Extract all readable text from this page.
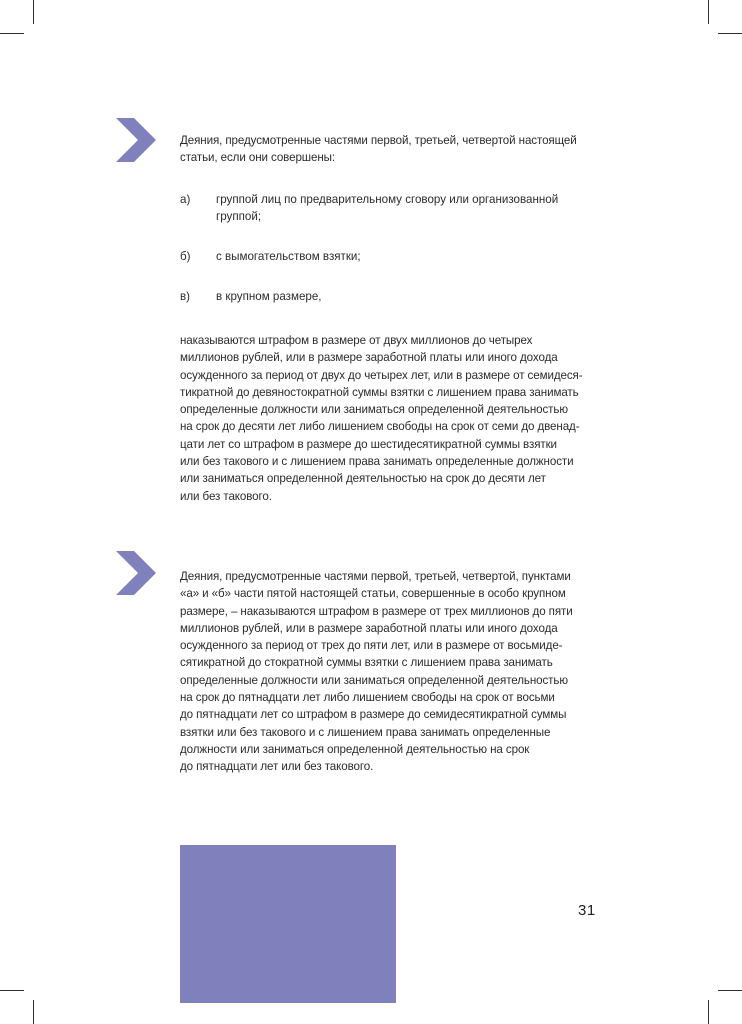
Деяния, предусмотренные частями первой, третьей, четвертой настоящей
статьи, если они совершены:

а) группой лиц по предварительному сговору или организованной
группой;
б) с вымогательством взятки;
в) в крупном размере,

наказываются штрафом в размере от двух миллионов до четырех
миллионов рублей, или в размере заработной платы или иного дохода
осужденного за период от двух до четырех лет, или в размере от семидеся-
тикратной до девяностократной суммы взятки с лишением права занимать
определенные должности или заниматься определенной деятельностью
на срок до десяти лет либо лишением свободы на срок от семи до двенад-
цати лет со штрафом в размере до шестидесятикратной суммы взятки
или без такового и с лишением права занимать определенные должности
или заниматься определенной деятельностью на срок до десяти лет
или без такового.

Деяния, предусмотренные частями первой, третьей, четвертой, пунктами
«а» и «б» части пятой настоящей статьи, совершенные в особо крупном
размере, – наказываются штрафом в размере от трех миллионов до пяти
миллионов рублей, или в размере заработной платы или иного дохода
осужденного за период от трех до пяти лет, или в размере от восьмиде-
сятикратной до стократной суммы взятки с лишением права занимать
определенные должности или заниматься определенной деятельностью
на срок до пятнадцати лет либо лишением свободы на срок от восьми
до пятнадцати лет со штрафом в размере до семидесятикратной суммы
взятки или без такового и с лишением права занимать определенные
должности или заниматься определенной деятельностью на срок
до пятнадцати лет или без такового.

31
